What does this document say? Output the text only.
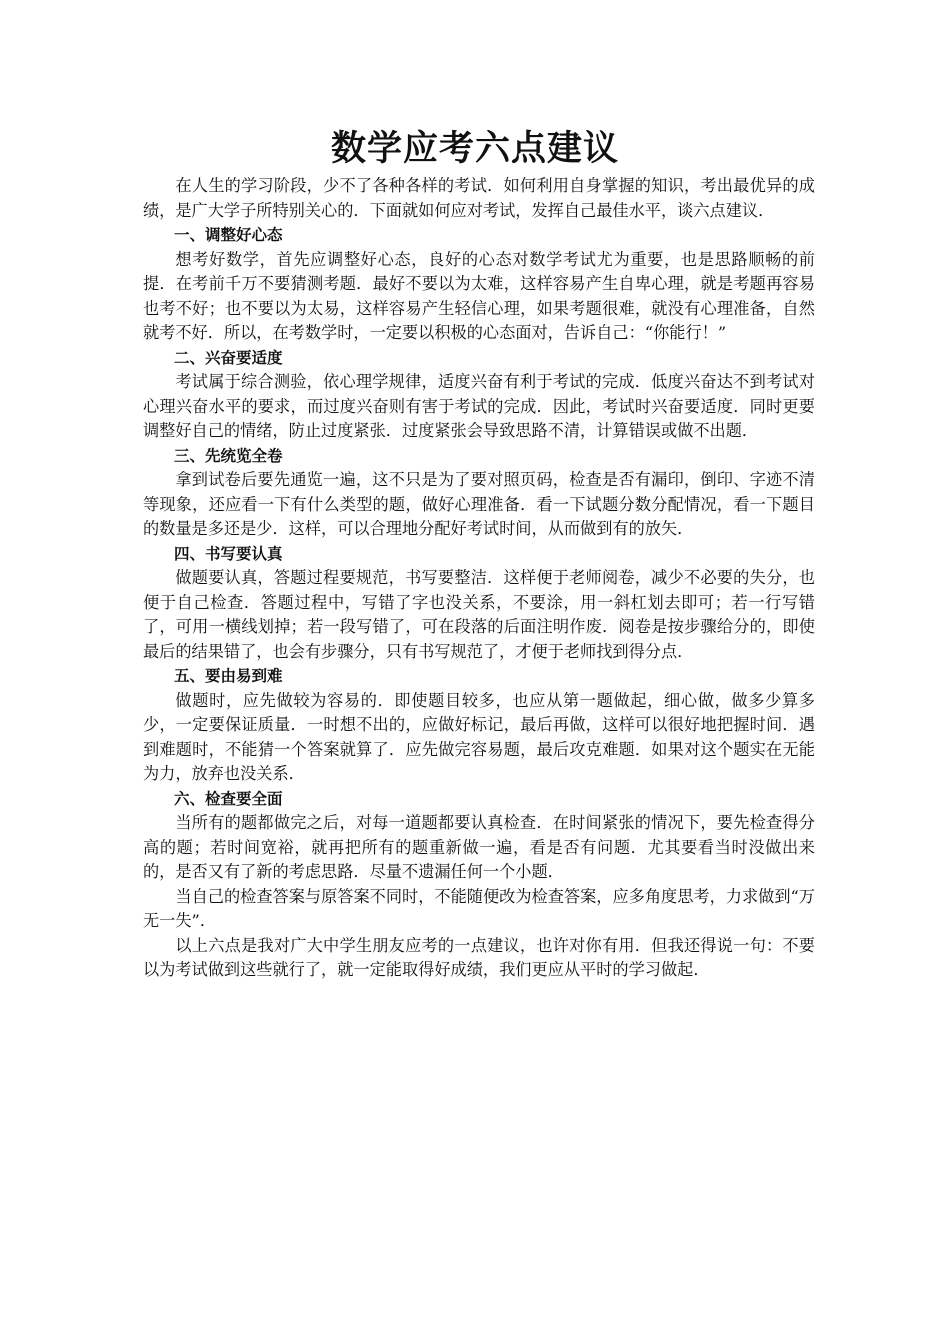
数学应考六点建议

在人生的学习阶段，少不了各种各样的考试．如何利用自身掌握的知识，考出最优异的成绩，是广大学子所特别关心的．下面就如何应对考试，发挥自己最佳水平，谈六点建议．

一、调整好心态

想考好数学，首先应调整好心态，良好的心态对数学考试尤为重要，也是思路顺畅的前提．在考前千万不要猜测考题．最好不要以为太难，这样容易产生自卑心理，就是考题再容易也考不好；也不要以为太易，这样容易产生轻信心理，如果考题很难，就没有心理准备，自然就考不好．所以，在考数学时，一定要以积极的心态面对，告诉自己：“你能行！”

二、兴奋要适度

考试属于综合测验，依心理学规律，适度兴奋有利于考试的完成．低度兴奋达不到考试对心理兴奋水平的要求，而过度兴奋则有害于考试的完成．因此，考试时兴奋要适度．同时更要调整好自己的情绪，防止过度紧张．过度紧张会导致思路不清，计算错误或做不出题．

三、先统览全卷

拿到试卷后要先通览一遍，这不只是为了要对照页码，检查是否有漏印，倒印、字迹不清等现象，还应看一下有什么类型的题，做好心理准备．看一下试题分数分配情况，看一下题目的数量是多还是少．这样，可以合理地分配好考试时间，从而做到有的放矢．

四、书写要认真

做题要认真，答题过程要规范，书写要整洁．这样便于老师阅卷，减少不必要的失分，也便于自己检查．答题过程中，写错了字也没关系，不要涂，用一斜杠划去即可；若一行写错了，可用一横线划掉；若一段写错了，可在段落的后面注明作废．阅卷是按步骤给分的，即使最后的结果错了，也会有步骤分，只有书写规范了，才便于老师找到得分点．

五、要由易到难

做题时，应先做较为容易的．即使题目较多，也应从第一题做起，细心做，做多少算多少，一定要保证质量．一时想不出的，应做好标记，最后再做，这样可以很好地把握时间．遇到难题时，不能猜一个答案就算了．应先做完容易题，最后攻克难题．如果对这个题实在无能为力，放弃也没关系．

六、检查要全面

当所有的题都做完之后，对每一道题都要认真检查．在时间紧张的情况下，要先检查得分高的题；若时间宽裕，就再把所有的题重新做一遍，看是否有问题．尤其要看当时没做出来的，是否又有了新的考虑思路．尽量不遗漏任何一个小题．

当自己的检查答案与原答案不同时，不能随便改为检查答案，应多角度思考，力求做到“万无一失”．

以上六点是我对广大中学生朋友应考的一点建议，也许对你有用．但我还得说一句：不要以为考试做到这些就行了，就一定能取得好成绩，我们更应从平时的学习做起．
